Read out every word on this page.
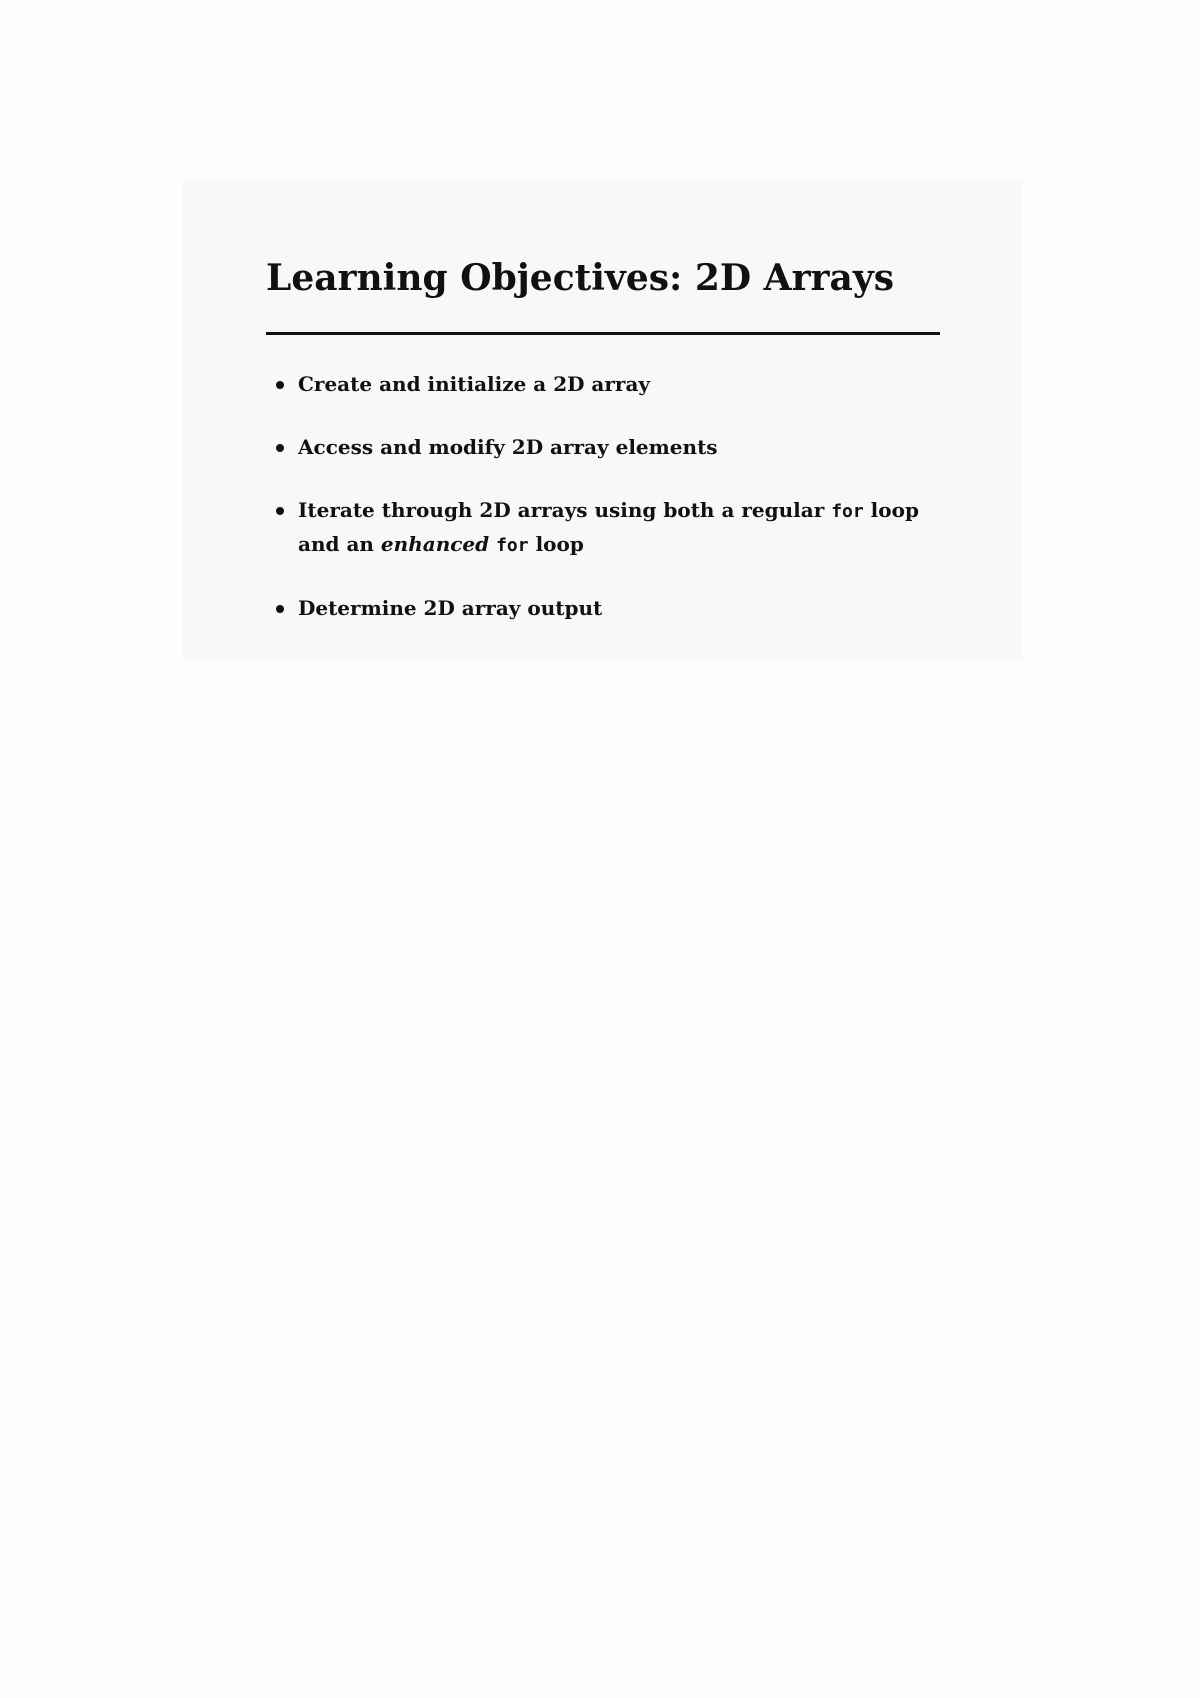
Learning Objectives: 2D Arrays
Create and initialize a 2D array
Access and modify 2D array elements
Iterate through 2D arrays using both a regular for loop and an enhanced for loop
Determine 2D array output
